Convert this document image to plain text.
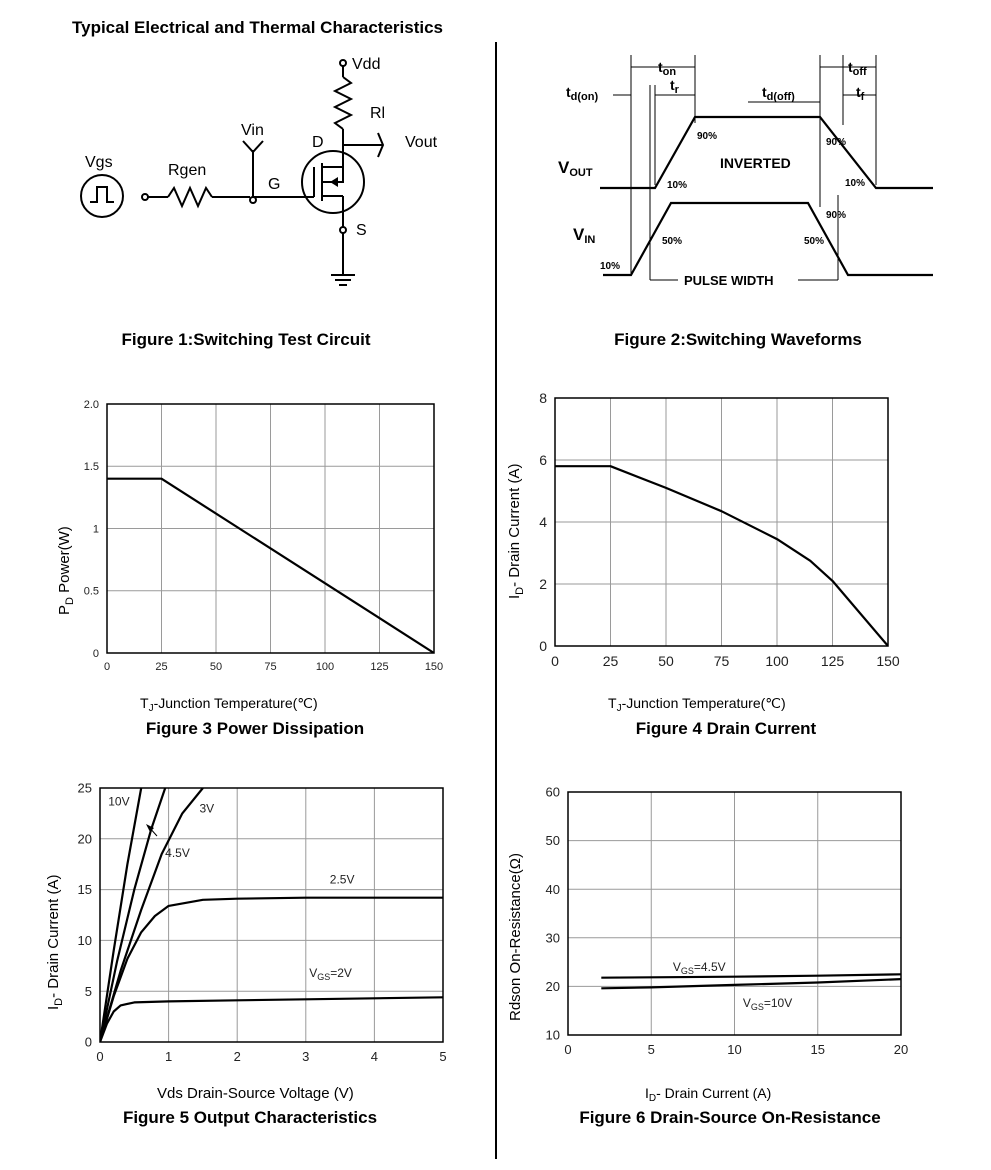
Typical Electrical and Thermal Characteristics
Vdd
Rl
Vin
D	Vout
Vgs	Rgen
G
S
Figure 1:Switching Test Circuit
ton	toff
td(on)
tr	td(off)	tf
VOUT
VIN
INVERTED
PULSE WIDTH
90%
90%
10%	10%
90%
50%	50%
10%
Figure 2:Switching Waveforms
$P_D$ Power(W)
$T_J$-Junction Temperature(℃)
0	25	50	75	100	125	150
0
0.5
1
1.5
2.0
Figure 3 Power Dissipation
$I_D-$ Drain Current (A)
$T_J$-Junction Temperature(℃)
0	25	50	75	100 125 150
0
2
4
6
8
Figure 4 Drain Current
$I_D-$ Drain Current (A)
Vds Drain-Source Voltage (V)
0	1	2	3	4	5
0
5
10
15
20
25
10V
4.5V
3V
2.5V
$V_{GS}=2V$
Figure 5 Output Characteristics
Rdson On-Resistance(Ω)
$I_D-$ Drain Current (A)
0	5	10	15	20
10
20
30
40
50
60
$V_{GS}=4.5V$
$V_{GS}=10V$
Figure 6 Drain-Source On-Resistance
